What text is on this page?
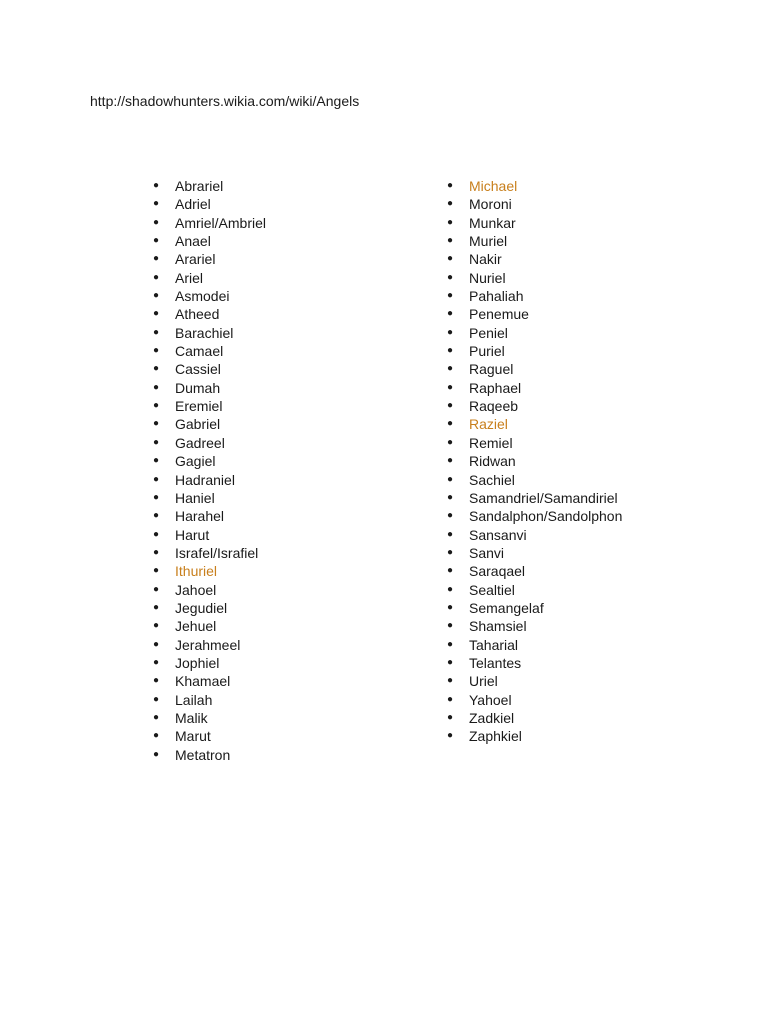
http://shadowhunters.wikia.com/wiki/Angels
● Abrariel
● Adriel
● Amriel/Ambriel
● Anael
● Arariel
● Ariel
● Asmodei
● Atheed
● Barachiel
● Camael
● Cassiel
● Dumah
● Eremiel
● Gabriel
● Gadreel
● Gagiel
● Hadraniel
● Haniel
● Harahel
● Harut
● Israfel/Israfiel
● Ithuriel
● Jahoel
● Jegudiel
● Jehuel
● Jerahmeel
● Jophiel
● Khamael
● Lailah
● Malik
● Marut
● Metatron
● Michael
● Moroni
● Munkar
● Muriel
● Nakir
● Nuriel
● Pahaliah
● Penemue
● Peniel
● Puriel
● Raguel
● Raphael
● Raqeeb
● Raziel
● Remiel
● Ridwan
● Sachiel
● Samandriel/Samandiriel
● Sandalphon/Sandolphon
● Sansanvi
● Sanvi
● Saraqael
● Sealtiel
● Semangelaf
● Shamsiel
● Taharial
● Telantes
● Uriel
● Yahoel
● Zadkiel
● Zaphkiel
